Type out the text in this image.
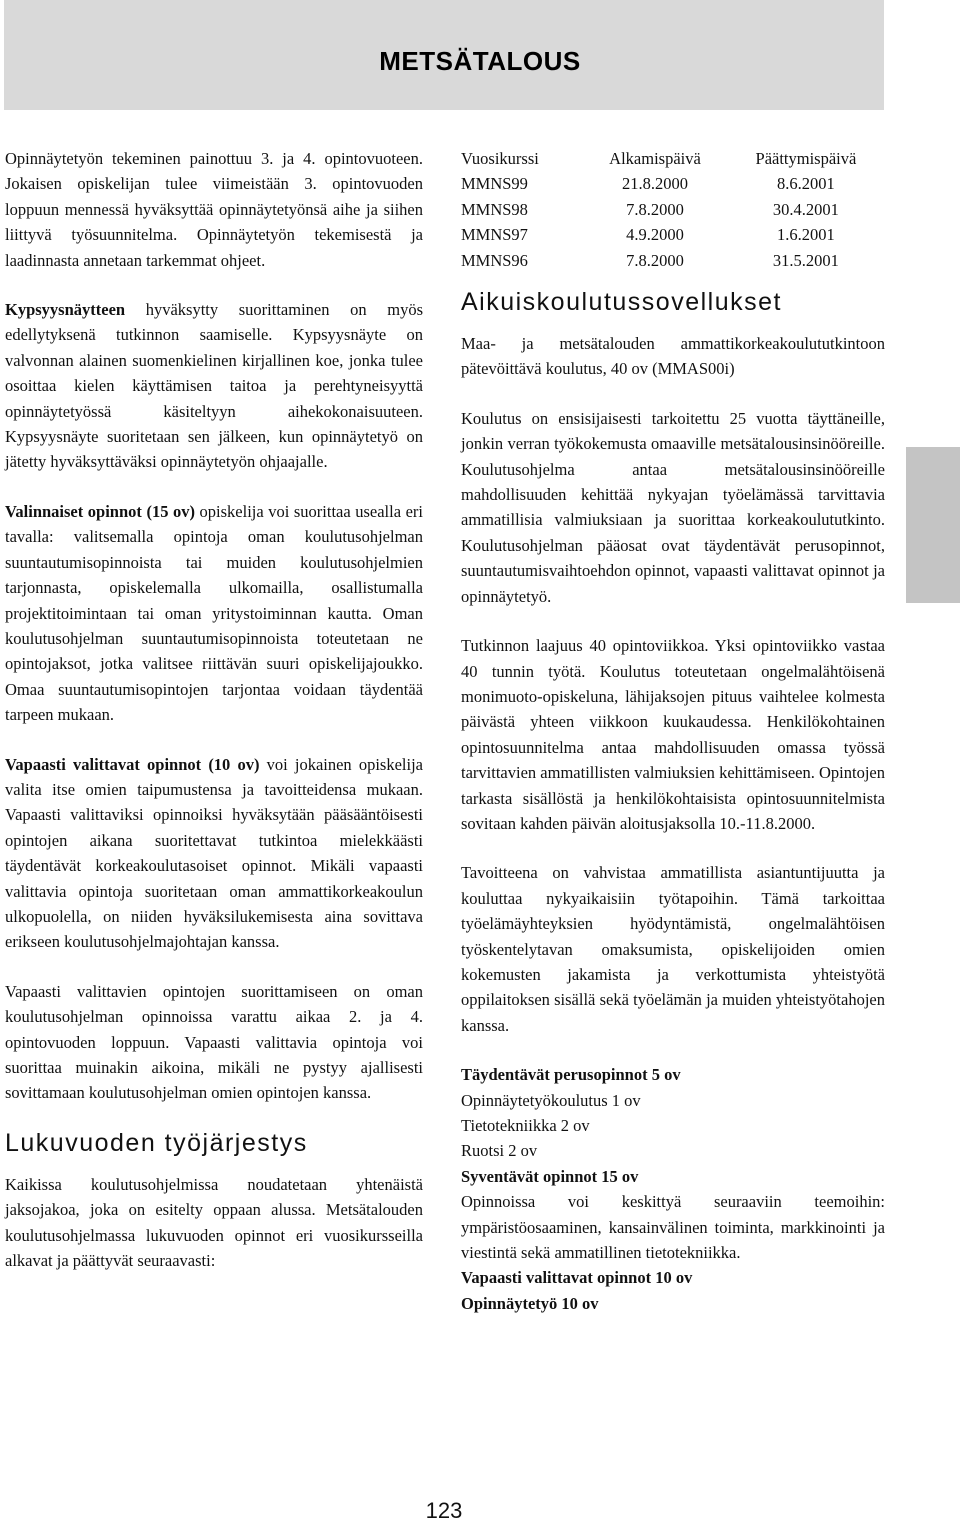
METSÄTALOUS

Opinnäytetyön tekeminen painottuu 3. ja 4. opintovuoteen. Jokaisen opiskelijan tulee viimeistään 3. opintovuoden loppuun mennessä hyväksyttää opinnäytetyönsä aihe ja siihen liittyvä työsuunnitelma. Opinnäytetyön tekemisestä ja laadinnasta annetaan tarkemmat ohjeet.

Kypsyysnäytteen hyväksytty suorittaminen on myös edellytyksenä tutkinnon saamiselle. Kypsyysnäyte on valvonnan alainen suomenkielinen kirjallinen koe, jonka tulee osoittaa kielen käyttämisen taitoa ja perehtyneisyyttä opinnäytetyössä käsiteltyyn aihekokonaisuuteen. Kypsyysnäyte suoritetaan sen jälkeen, kun opinnäytetyö on jätetty hyväksyttäväksi opinnäytetyön ohjaajalle.

Valinnaiset opinnot (15 ov) opiskelija voi suorittaa usealla eri tavalla: valitsemalla opintoja oman koulutusohjelman suuntautumisopinnoista tai muiden koulutusohjelmien tarjonnasta, opiskelemalla ulkomailla, osallistumalla projektitoimintaan tai oman yritystoiminnan kautta. Oman koulutusohjelman suuntautumisopinnoista toteutetaan ne opintojaksot, jotka valitsee riittävän suuri opiskelijajoukko. Omaa suuntautumisopintojen tarjontaa voidaan täydentää tarpeen mukaan.

Vapaasti valittavat opinnot (10 ov) voi jokainen opiskelija valita itse omien taipumustensa ja tavoitteidensa mukaan. Vapaasti valittaviksi opinnoiksi hyväksytään pääsääntöisesti opintojen aikana suoritettavat tutkintoa mielekkäästi täydentävät korkeakoulutasoiset opinnot. Mikäli vapaasti valittavia opintoja suoritetaan oman ammattikorkeakoulun ulkopuolella, on niiden hyväksilukemisesta aina sovittava erikseen koulutusohjelmajohtajan kanssa.

Vapaasti valittavien opintojen suorittamiseen on oman koulutusohjelman opinnoissa varattu aikaa 2. ja 4. opintovuoden loppuun. Vapaasti valittavia opintoja voi suorittaa muinakin aikoina, mikäli ne pystyy ajallisesti sovittamaan koulutusohjelman omien opintojen kanssa.

Lukuvuoden työjärjestys

Kaikissa koulutusohjelmissa noudatetaan yhtenäistä jaksojakoa, joka on esitelty oppaan alussa. Metsätalouden koulutusohjelmassa lukuvuoden opinnot eri vuosikursseilla alkavat ja päättyvät seuraavasti:

Vuosikurssi	Alkamispäivä	Päättymispäivä
MMNS99	21.8.2000	8.6.2001
MMNS98	7.8.2000	30.4.2001
MMNS97	4.9.2000	1.6.2001
MMNS96	7.8.2000	31.5.2001
Aikuiskoulutussovellukset

Maa- ja metsätalouden ammattikorkeakoulututkintoon pätevöittävä koulutus, 40 ov (MMAS00i)

Koulutus on ensisijaisesti tarkoitettu 25 vuotta täyttäneille, jonkin verran työkokemusta omaaville metsätalousinsinööreille. Koulutusohjelma antaa metsätalousinsinööreille mahdollisuuden kehittää nykyajan työelämässä tarvittavia ammatillisia valmiuksiaan ja suorittaa korkeakoulututkinto. Koulutusohjelman pääosat ovat täydentävät perusopinnot, suuntautumisvaihtoehdon opinnot, vapaasti valittavat opinnot ja opinnäytetyö.

Tutkinnon laajuus 40 opintoviikkoa. Yksi opintoviikko vastaa 40 tunnin työtä. Koulutus toteutetaan ongelmalähtöisenä monimuoto-opiskeluna, lähijaksojen pituus vaihtelee kolmesta päivästä yhteen viikkoon kuukaudessa. Henkilökohtainen opintosuunnitelma antaa mahdollisuuden omassa työssä tarvittavien ammatillisten valmiuksien kehittämiseen. Opintojen tarkasta sisällöstä ja henkilökohtaisista opintosuunnitelmista sovitaan kahden päivän aloitusjaksolla 10.-11.8.2000.

Tavoitteena on vahvistaa ammatillista asiantuntijuutta ja kouluttaa nykyaikaisiin työtapoihin. Tämä tarkoittaa työelämäyhteyksien hyödyntämistä, ongelmalähtöisen työskentelytavan omaksumista, opiskelijoiden omien kokemusten jakamista ja verkottumista yhteistyötä oppilaitoksen sisällä sekä työelämän ja muiden yhteistyötahojen kanssa.

Täydentävät perusopinnot 5 ov
Opinnäytetyökoulutus 1 ov
Tietotekniikka 2 ov
Ruotsi 2 ov
Syventävät opinnot 15 ov
Opinnoissa voi keskittyä seuraaviin teemoihin: ympäristöosaaminen, kansainvälinen toiminta, markkinointi ja viestintä sekä ammatillinen tietotekniikka.
Vapaasti valittavat opinnot 10 ov
Opinnäytetyö 10 ov
123
